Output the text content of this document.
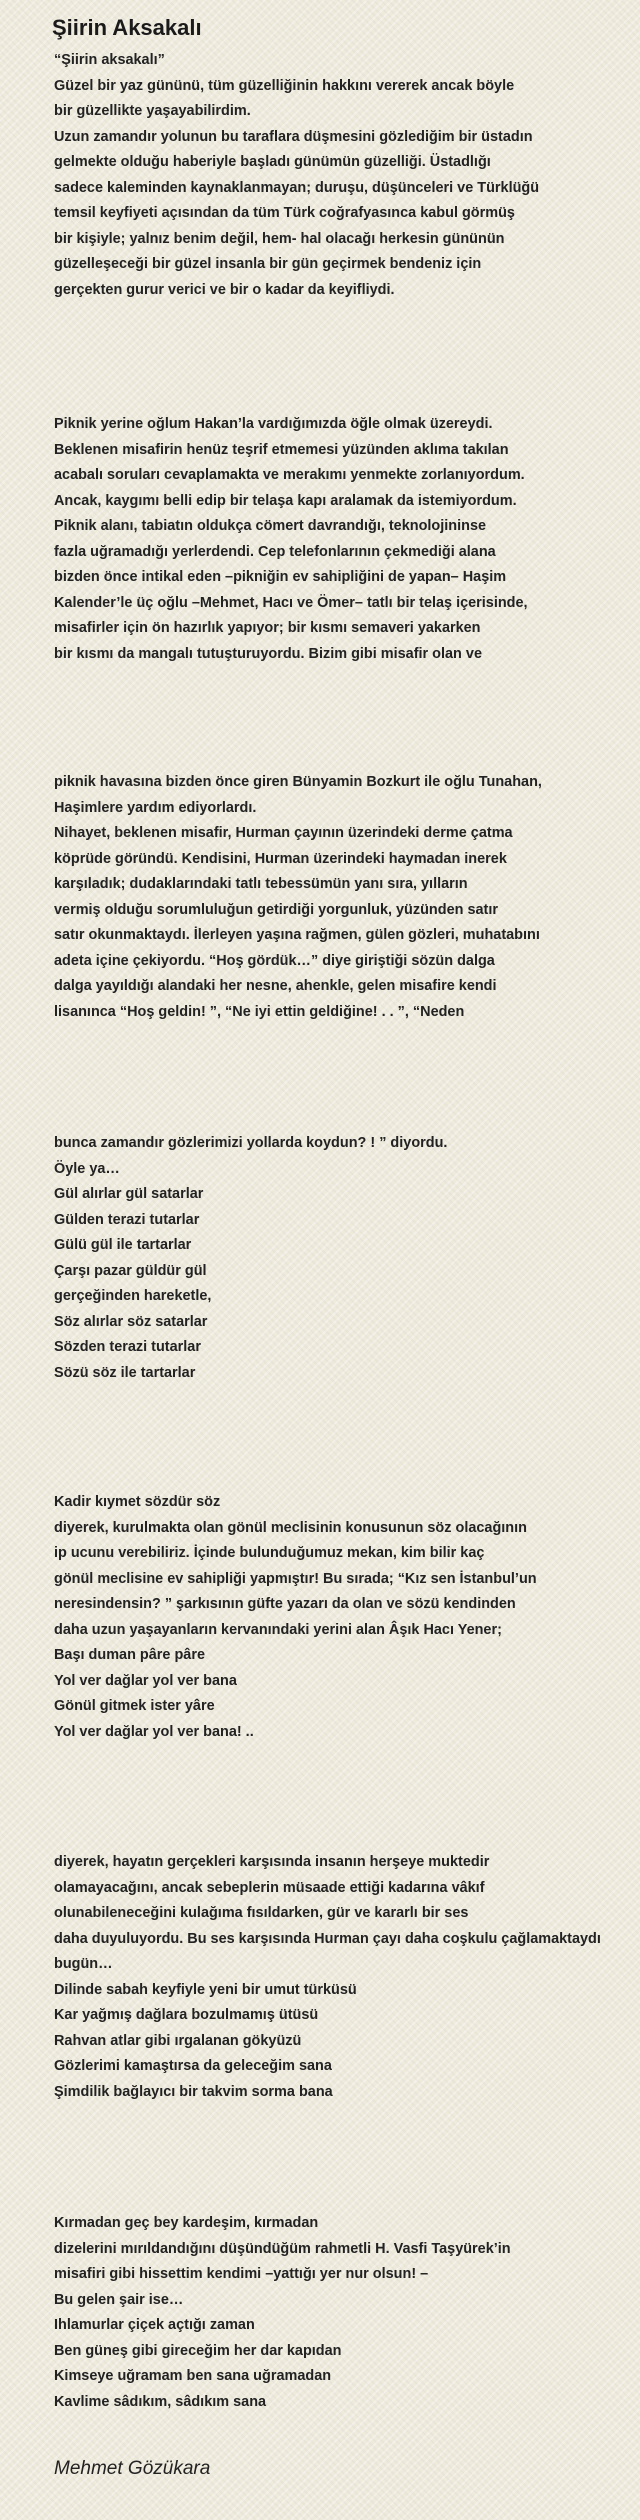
Şiirin Aksakalı
“Şiirin aksakalı”
Güzel bir yaz gününü, tüm güzelliğinin hakkını vererek ancak böyle
bir güzellikte yaşayabilirdim.
Uzun zamandır yolunun bu taraflara düşmesini gözlediğim bir üstadın
gelmekte olduğu haberiyle başladı günümün güzelliği. Üstadlığı
sadece kaleminden kaynaklanmayan; duruşu, düşünceleri ve Türklüğü
temsil keyfiyeti açısından da tüm Türk coğrafyasınca kabul görmüş
bir kişiyle; yalnız benim değil, hem- hal olacağı herkesin gününün
güzelleşeceği bir güzel insanla bir gün geçirmek bendeniz için
gerçekten gurur verici ve bir o kadar da keyifliydi.
Piknik yerine oğlum Hakan’la vardığımızda öğle olmak üzereydi.
Beklenen misafirin henüz teşrif etmemesi yüzünden aklıma takılan
acabalı soruları cevaplamakta ve merakımı yenmekte zorlanıyordum.
Ancak, kaygımı belli edip bir telaşa kapı aralamak da istemiyordum.
Piknik alanı, tabiatın oldukça cömert davrandığı, teknolojininse
fazla uğramadığı yerlerdendi. Cep telefonlarının çekmediği alana
bizden önce intikal eden –pikniğin ev sahipliğini de yapan– Haşim
Kalender’le üç oğlu –Mehmet, Hacı ve Ömer– tatlı bir telaş içerisinde,
misafirler için ön hazırlık yapıyor; bir kısmı semaveri yakarken
bir kısmı da mangalı tutuşturuyordu. Bizim gibi misafir olan ve
piknik havasına bizden önce giren Bünyamin Bozkurt ile oğlu Tunahan,
Haşimlere yardım ediyorlardı.
Nihayet, beklenen misafir, Hurman çayının üzerindeki derme çatma
köprüde göründü. Kendisini, Hurman üzerindeki haymadan inerek
karşıladık; dudaklarındaki tatlı tebessümün yanı sıra, yılların
vermiş olduğu sorumluluğun getirdiği yorgunluk, yüzünden satır
satır okunmaktaydı. İlerleyen yaşına rağmen, gülen gözleri, muhatabını
adeta içine çekiyordu. “Hoş gördük…” diye giriştiği sözün dalga
dalga yayıldığı alandaki her nesne, ahenkle, gelen misafire kendi
lisanınca “Hoş geldin! ”, “Ne iyi ettin geldiğine! . . ”, “Neden
bunca zamandır gözlerimizi yollarda koydun? ! ” diyordu.
Öyle ya…
Gül alırlar gül satarlar
Gülden terazi tutarlar
Gülü gül ile tartarlar
Çarşı pazar güldür gül
gerçeğinden hareketle,
Söz alırlar söz satarlar
Sözden terazi tutarlar
Sözü söz ile tartarlar
Kadir kıymet sözdür söz
diyerek, kurulmakta olan gönül meclisinin konusunun söz olacağının
ip ucunu verebiliriz. İçinde bulunduğumuz mekan, kim bilir kaç
gönül meclisine ev sahipliği yapmıştır! Bu sırada; “Kız sen İstanbul’un
neresindensin? ” şarkısının güfte yazarı da olan ve sözü kendinden
daha uzun yaşayanların kervanındaki yerini alan Âşık Hacı Yener;
Başı duman pâre pâre
Yol ver dağlar yol ver bana
Gönül gitmek ister yâre
Yol ver dağlar yol ver bana! ..
diyerek, hayatın gerçekleri karşısında insanın herşeye muktedir
olamayacağını, ancak sebeplerin müsaade ettiği kadarına vâkıf
olunabileneceğini kulağıma fısıldarken, gür ve kararlı bir ses
daha duyuluyordu. Bu ses karşısında Hurman çayı daha coşkulu çağlamaktaydı
bugün…
Dilinde sabah keyfiyle yeni bir umut türküsü
Kar yağmış dağlara bozulmamış ütüsü
Rahvan atlar gibi ırgalanan gökyüzü
Gözlerimi kamaştırsa da geleceğim sana
Şimdilik bağlayıcı bir takvim sorma bana
Kırmadan geç bey kardeşim, kırmadan
dizelerini mırıldandığını düşündüğüm rahmetli H. Vasfi Taşyürek’in
misafiri gibi hissettim kendimi –yattığı yer nur olsun! –
Bu gelen şair ise…
Ihlamurlar çiçek açtığı zaman
Ben güneş gibi gireceğim her dar kapıdan
Kimseye uğramam ben sana uğramadan
Kavlime sâdıkım, sâdıkım sana
Mehmet Gözükara
